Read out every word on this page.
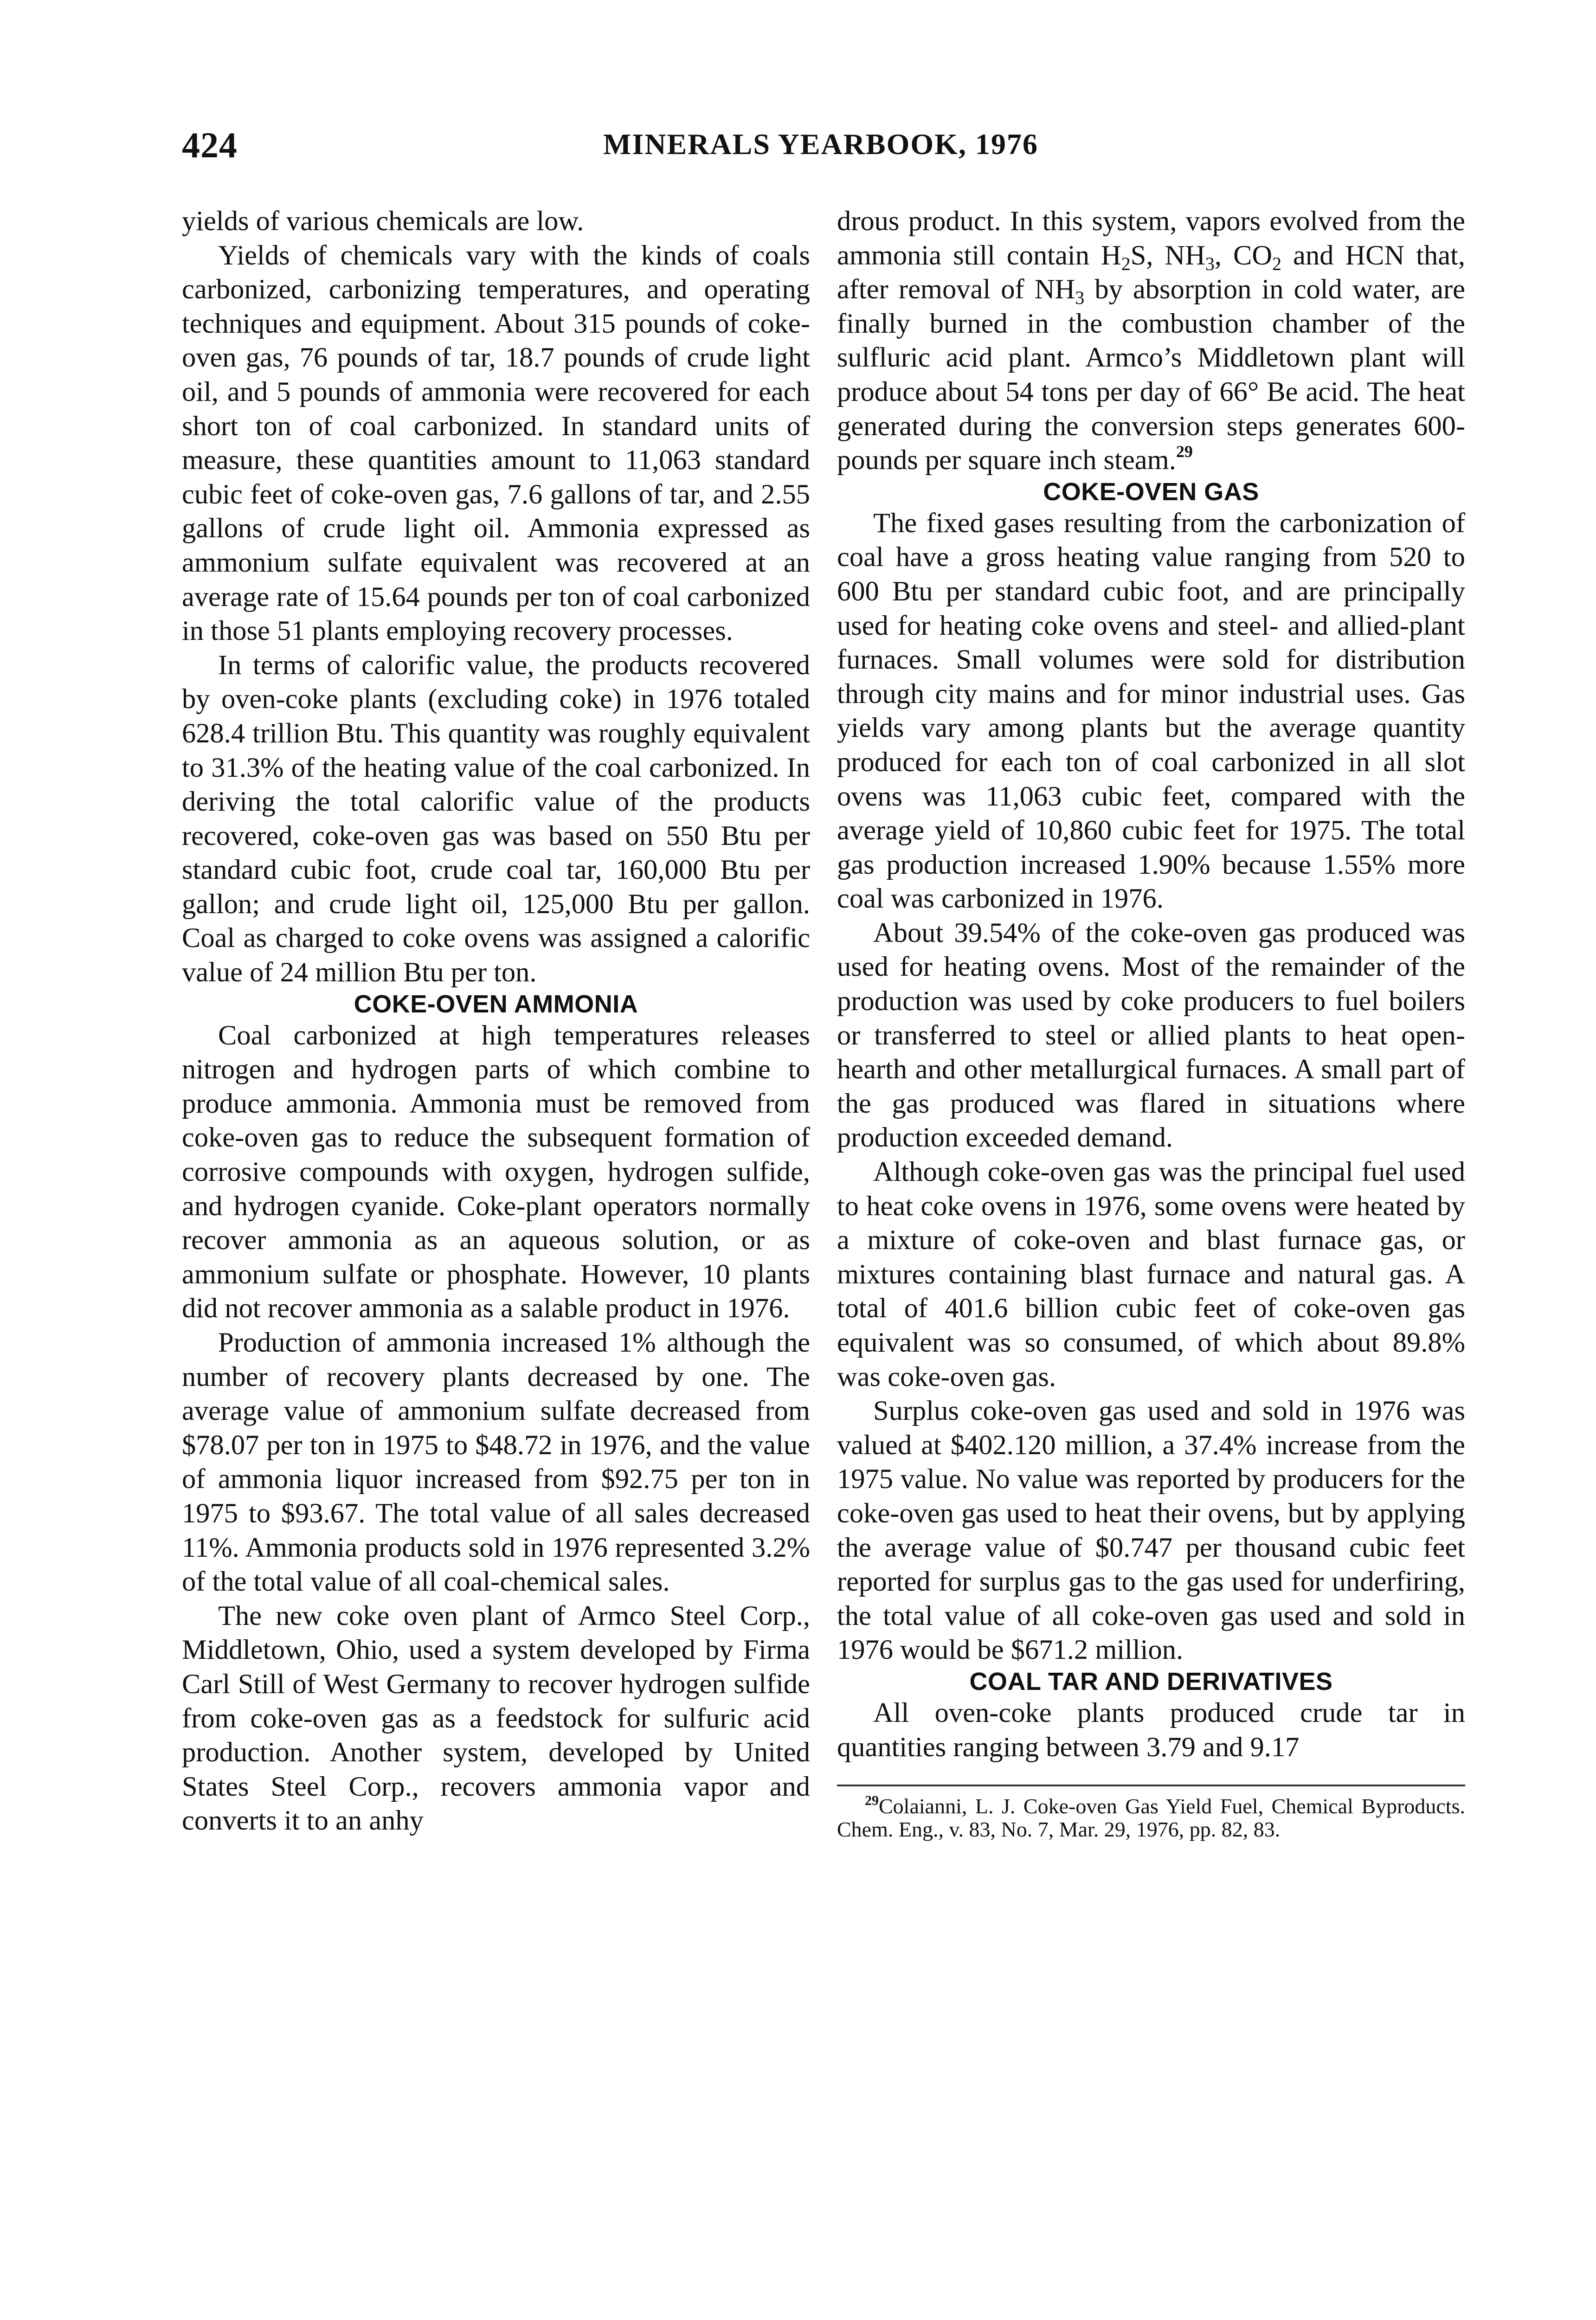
424	MINERALS YEARBOOK, 1976

yields of various chemicals are low.

Yields of chemicals vary with the kinds of coals carbonized, carbonizing temperatures, and operating techniques and equipment. About 315 pounds of coke-oven gas, 76 pounds of tar, 18.7 pounds of crude light oil, and 5 pounds of ammonia were recovered for each short ton of coal carbonized. In standard units of measure, these quantities amount to 11,063 standard cubic feet of coke-oven gas, 7.6 gallons of tar, and 2.55 gallons of crude light oil. Ammonia expressed as ammonium sulfate equivalent was recovered at an average rate of 15.64 pounds per ton of coal carbonized in those 51 plants employing recovery processes.

In terms of calorific value, the products recovered by oven-coke plants (excluding coke) in 1976 totaled 628.4 trillion Btu. This quantity was roughly equivalent to 31.3% of the heating value of the coal carbonized. In deriving the total calorific value of the products recovered, coke-oven gas was based on 550 Btu per standard cubic foot, crude coal tar, 160,000 Btu per gallon; and crude light oil, 125,000 Btu per gallon. Coal as charged to coke ovens was assigned a calorific value of 24 million Btu per ton.

COKE-OVEN AMMONIA

Coal carbonized at high temperatures releases nitrogen and hydrogen parts of which combine to produce ammonia. Ammonia must be removed from coke-oven gas to reduce the subsequent formation of corrosive compounds with oxygen, hydrogen sulfide, and hydrogen cyanide. Coke-plant operators normally recover ammonia as an aqueous solution, or as ammonium sulfate or phosphate. However, 10 plants did not recover ammonia as a salable product in 1976.

Production of ammonia increased 1% although the number of recovery plants decreased by one. The average value of ammonium sulfate decreased from $78.07 per ton in 1975 to $48.72 in 1976, and the value of ammonia liquor increased from $92.75 per ton in 1975 to $93.67. The total value of all sales decreased 11%. Ammonia products sold in 1976 represented 3.2% of the total value of all coal-chemical sales.

The new coke oven plant of Armco Steel Corp., Middletown, Ohio, used a system developed by Firma Carl Still of West Germany to recover hydrogen sulfide from coke-oven gas as a feedstock for sulfuric acid production. Another system, developed by United States Steel Corp., recovers ammonia vapor and converts it to an anhy

drous product. In this system, vapors evolved from the ammonia still contain $H_2S$, $NH_3$, $CO_2$ and HCN that, after removal of $NH_3$ by absorption in cold water, are finally burned in the combustion chamber of the sulfluric acid plant. Armco’s Middletown plant will produce about 54 tons per day of 66° Be acid. The heat generated during the conversion steps generates 600-pounds per square inch steam.$^{29}$

COKE-OVEN GAS

The fixed gases resulting from the carbonization of coal have a gross heating value ranging from 520 to 600 Btu per standard cubic foot, and are principally used for heating coke ovens and steel- and allied-plant furnaces. Small volumes were sold for distribution through city mains and for minor industrial uses. Gas yields vary among plants but the average quantity produced for each ton of coal carbonized in all slot ovens was 11,063 cubic feet, compared with the average yield of 10,860 cubic feet for 1975. The total gas production increased 1.90% because 1.55% more coal was carbonized in 1976.

About 39.54% of the coke-oven gas produced was used for heating ovens. Most of the remainder of the production was used by coke producers to fuel boilers or transferred to steel or allied plants to heat open-hearth and other metallurgical furnaces. A small part of the gas produced was flared in situations where production exceeded demand.

Although coke-oven gas was the principal fuel used to heat coke ovens in 1976, some ovens were heated by a mixture of coke-oven and blast furnace gas, or mixtures containing blast furnace and natural gas. A total of 401.6 billion cubic feet of coke-oven gas equivalent was so consumed, of which about 89.8% was coke-oven gas.

Surplus coke-oven gas used and sold in 1976 was valued at $402.120 million, a 37.4% increase from the 1975 value. No value was reported by producers for the coke-oven gas used to heat their ovens, but by applying the average value of $0.747 per thousand cubic feet reported for surplus gas to the gas used for underfiring, the total value of all coke-oven gas used and sold in 1976 would be $671.2 million.

COAL TAR AND DERIVATIVES

All oven-coke plants produced crude tar in quantities ranging between 3.79 and 9.17

$^{29}$Colaianni, L. J. Coke-oven Gas Yield Fuel, Chemical Byproducts. Chem. Eng., v. 83, No. 7, Mar. 29, 1976, pp. 82, 83.
